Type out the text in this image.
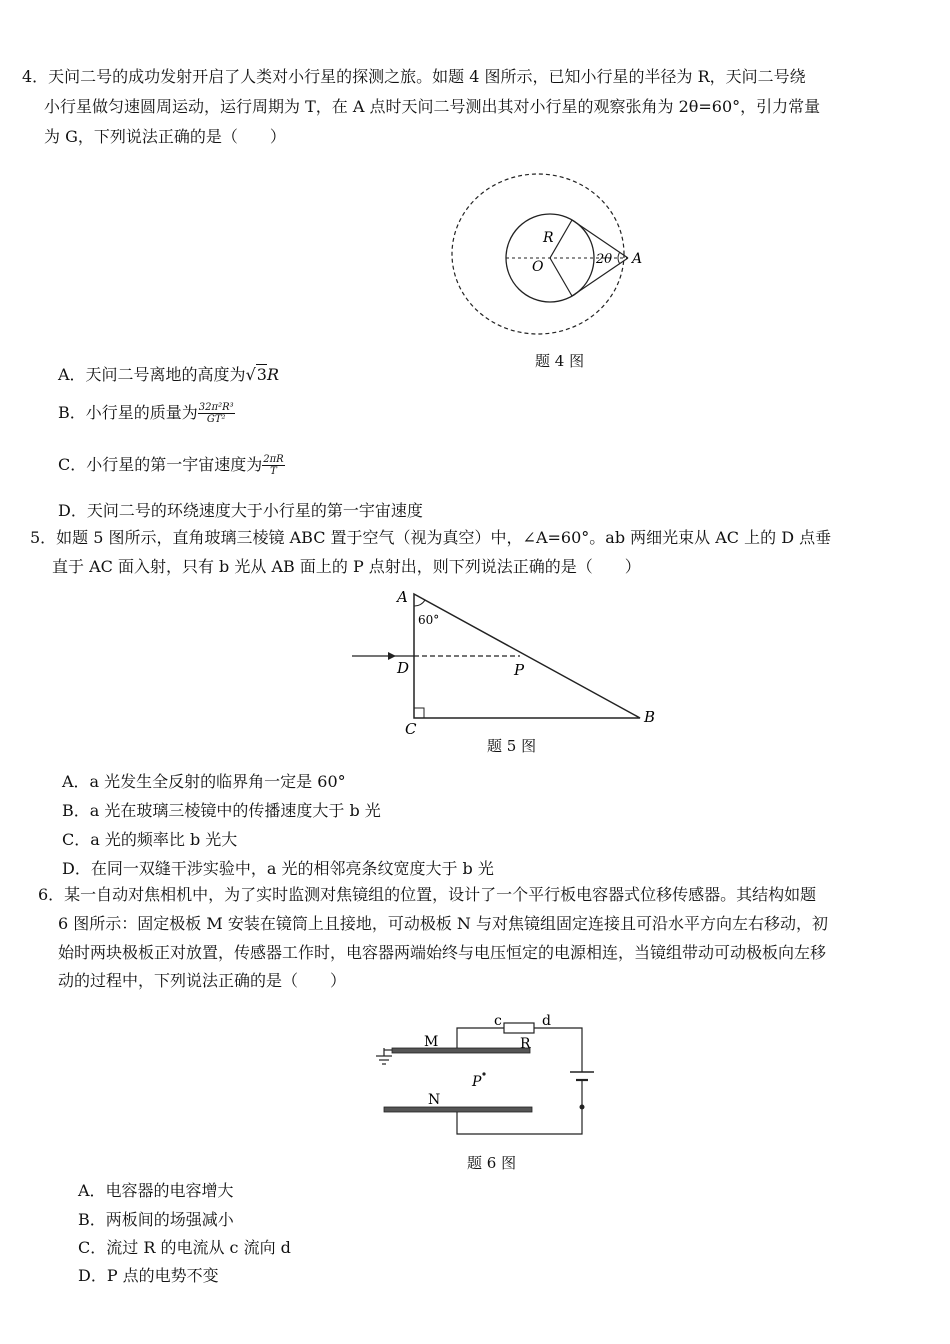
4．天问二号的成功发射开启了人类对小行星的探测之旅。如题 4 图所示，已知小行星的半径为 R，天问二号绕
小行星做匀速圆周运动，运行周期为 T，在 A 点时天问二号测出其对小行星的观察张角为 2θ=60°，引力常量
为 G，下列说法正确的是（　　）
R
O	2θ A
题 4 图
A．天问二号离地的高度为√3R
B．小行星的质量为 $\frac{\text{32π²R³}}{\text{GT²}}$
C．小行星的第一宇宙速度为 $\frac{2\pi R}{T}$
D．天问二号的环绕速度大于小行星的第一宇宙速度
5．如题 5 图所示，直角玻璃三棱镜 ABC 置于空气（视为真空）中，∠A=60°。ab 两细光束从 AC 上的 D 点垂
直于 AC 面入射，只有 b 光从 AB 面上的 P 点射出，则下列说法正确的是（　　）
A
60°
D	P
C
B
题 5 图
A．a 光发生全反射的临界角一定是 60°
B．a 光在玻璃三棱镜中的传播速度大于 b 光
C．a 光的频率比 b 光大
D．在同一双缝干涉实验中，a 光的相邻亮条纹宽度大于 b 光
6．某一自动对焦相机中，为了实时监测对焦镜组的位置，设计了一个平行板电容器式位移传感器。其结构如题
6 图所示：固定极板 M 安装在镜筒上且接地，可动极板 N 与对焦镜组固定连接且可沿水平方向左右移动，初
始时两块极板正对放置，传感器工作时，电容器两端始终与电压恒定的电源相连，当镜组带动可动极板向左移
动的过程中，下列说法正确的是（　　）
c	d
M	R
P
N
题 6 图
A．电容器的电容增大
B．两板间的场强减小
C．流过 R 的电流从 c 流向 d
D．P 点的电势不变
